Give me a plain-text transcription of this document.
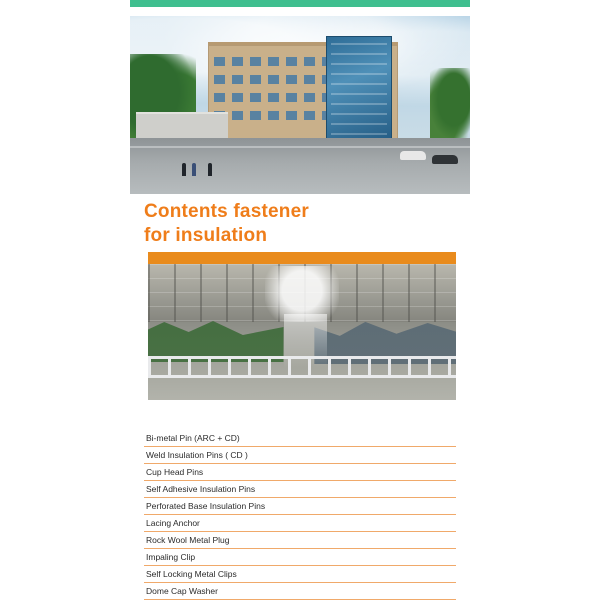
Contents fastener
for insulation
Bi-metal Pin (ARC + CD)
Weld Insulation Pins ( CD )
Cup Head Pins
Self Adhesive Insulation Pins
Perforated Base Insulation Pins
Lacing Anchor
Rock Wool Metal Plug
Impaling Clip
Self Locking Metal Clips
Dome Cap Washer
